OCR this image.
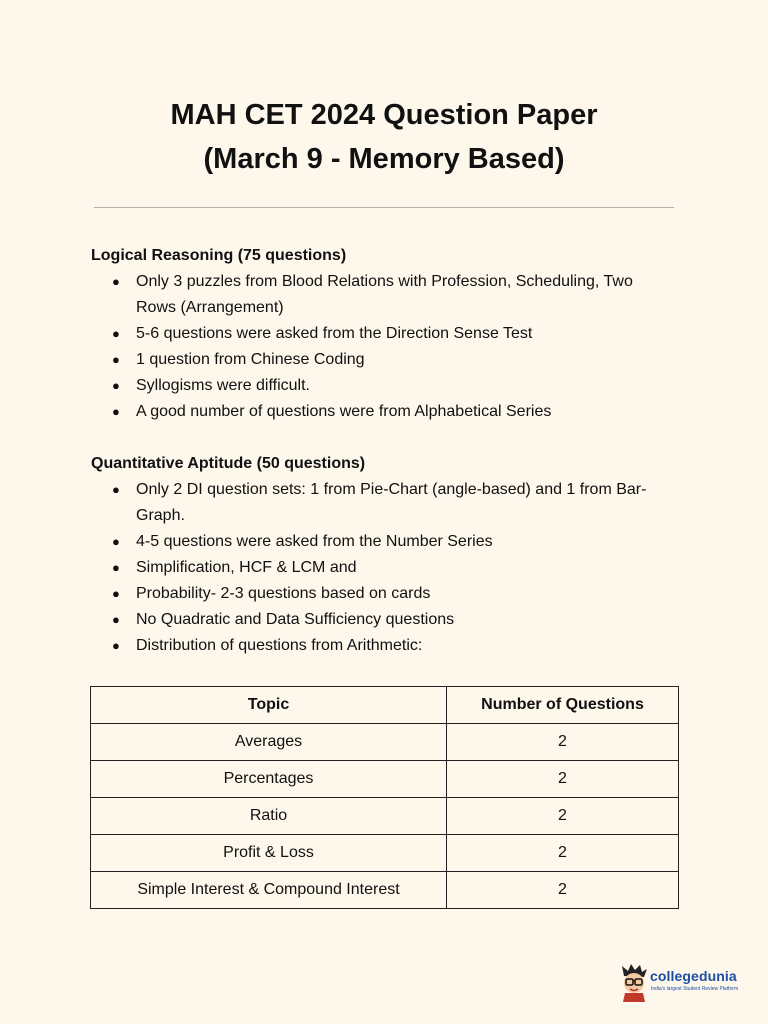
MAH CET 2024 Question Paper
(March 9 - Memory Based)
Logical Reasoning (75 questions)
● Only 3 puzzles from Blood Relations with Profession, Scheduling, Two Rows (Arrangement)
● 5-6 questions were asked from the Direction Sense Test
● 1 question from Chinese Coding
● Syllogisms were difficult.
● A good number of questions were from Alphabetical Series
Quantitative Aptitude (50 questions)
● Only 2 DI question sets: 1 from Pie-Chart (angle-based) and 1 from Bar-Graph.
● 4-5 questions were asked from the Number Series
● Simplification, HCF & LCM and
● Probability- 2-3 questions based on cards
● No Quadratic and Data Sufficiency questions
● Distribution of questions from Arithmetic:
Topic	Number of Questions
Averages	2
Percentages	2
Ratio	2
Profit & Loss	2
Simple Interest & Compound Interest	2
collegedunia
India's largest Student Review Platform
